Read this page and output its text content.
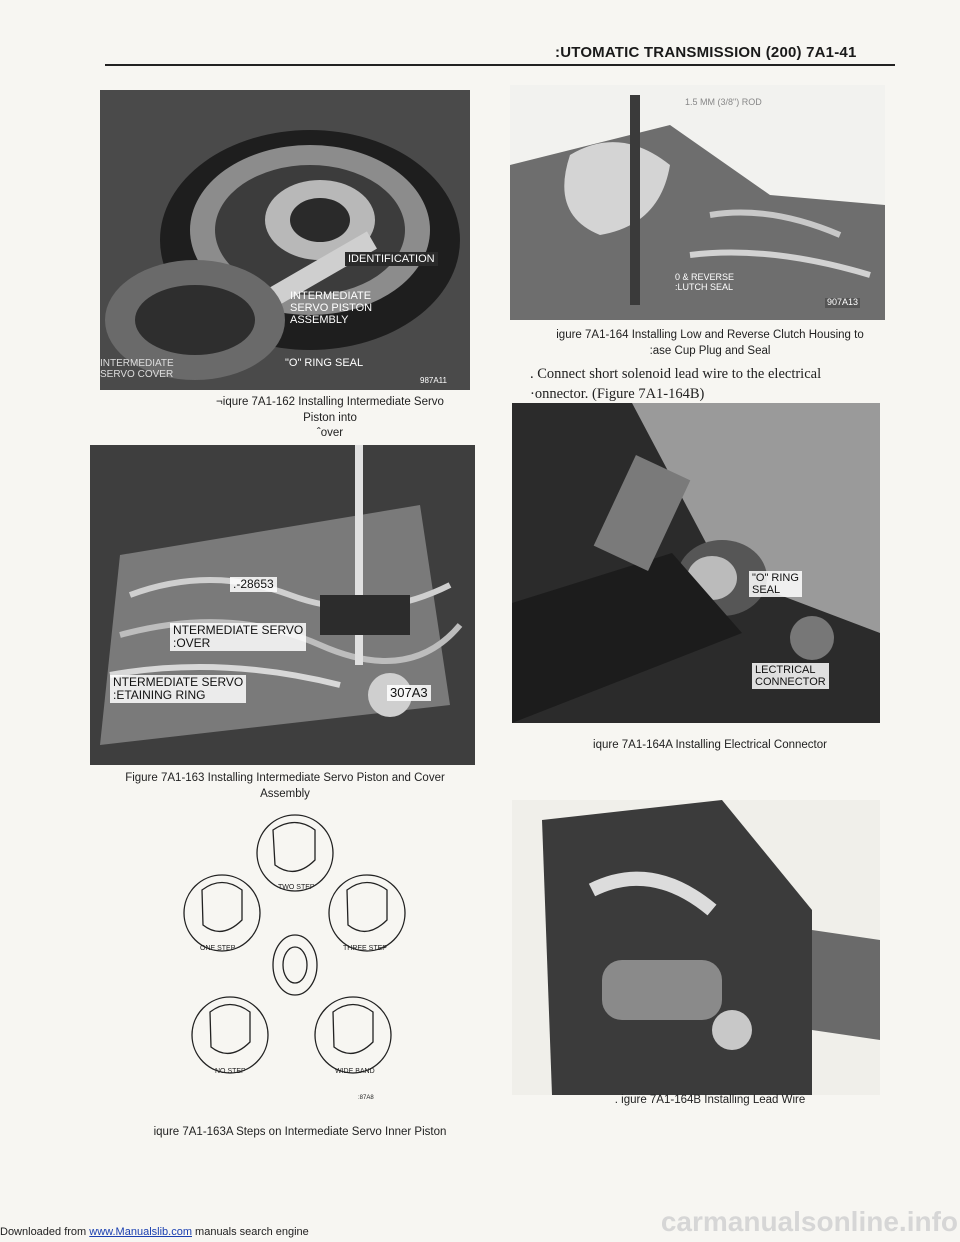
:UTOMATIC TRANSMISSION (200) 7A1-41
IDENTIFICATION
INTERMEDIATE
SERVO PISTON
ASSEMBLY
INTERMEDIATE
SERVO COVER
"O" RING SEAL
987A11
¬iqure 7A1-162 Installing Intermediate Servo Piston into
ˆover
.-28653
NTERMEDIATE SERVO
:OVER
NTERMEDIATE SERVO
:ETAINING RING	307A3
Figure 7A1-163 Installing Intermediate Servo Piston and Cover
Assembly
TWO STEP
ONE STEP	THREE STEP
NO STEP	WIDE BAND
:87A8
iqure 7A1-163A Steps on Intermediate Servo Inner Piston
1.5 MM (3/8") ROD
0 & REVERSE
:LUTCH SEAL
907A13
igure 7A1-164 Installing Low and Reverse Clutch Housing to
:ase Cup Plug and Seal
. Connect short solenoid lead wire to the electrical
·onnector. (Figure 7A1-164B)
"O" RING
SEAL
LECTRICAL
CONNECTOR
iqure 7A1-164A Installing Electrical Connector
. igure 7A1-164B Installing Lead Wire
carmanualsonline.info
Downloaded from www.Manualslib.com manuals search engine
